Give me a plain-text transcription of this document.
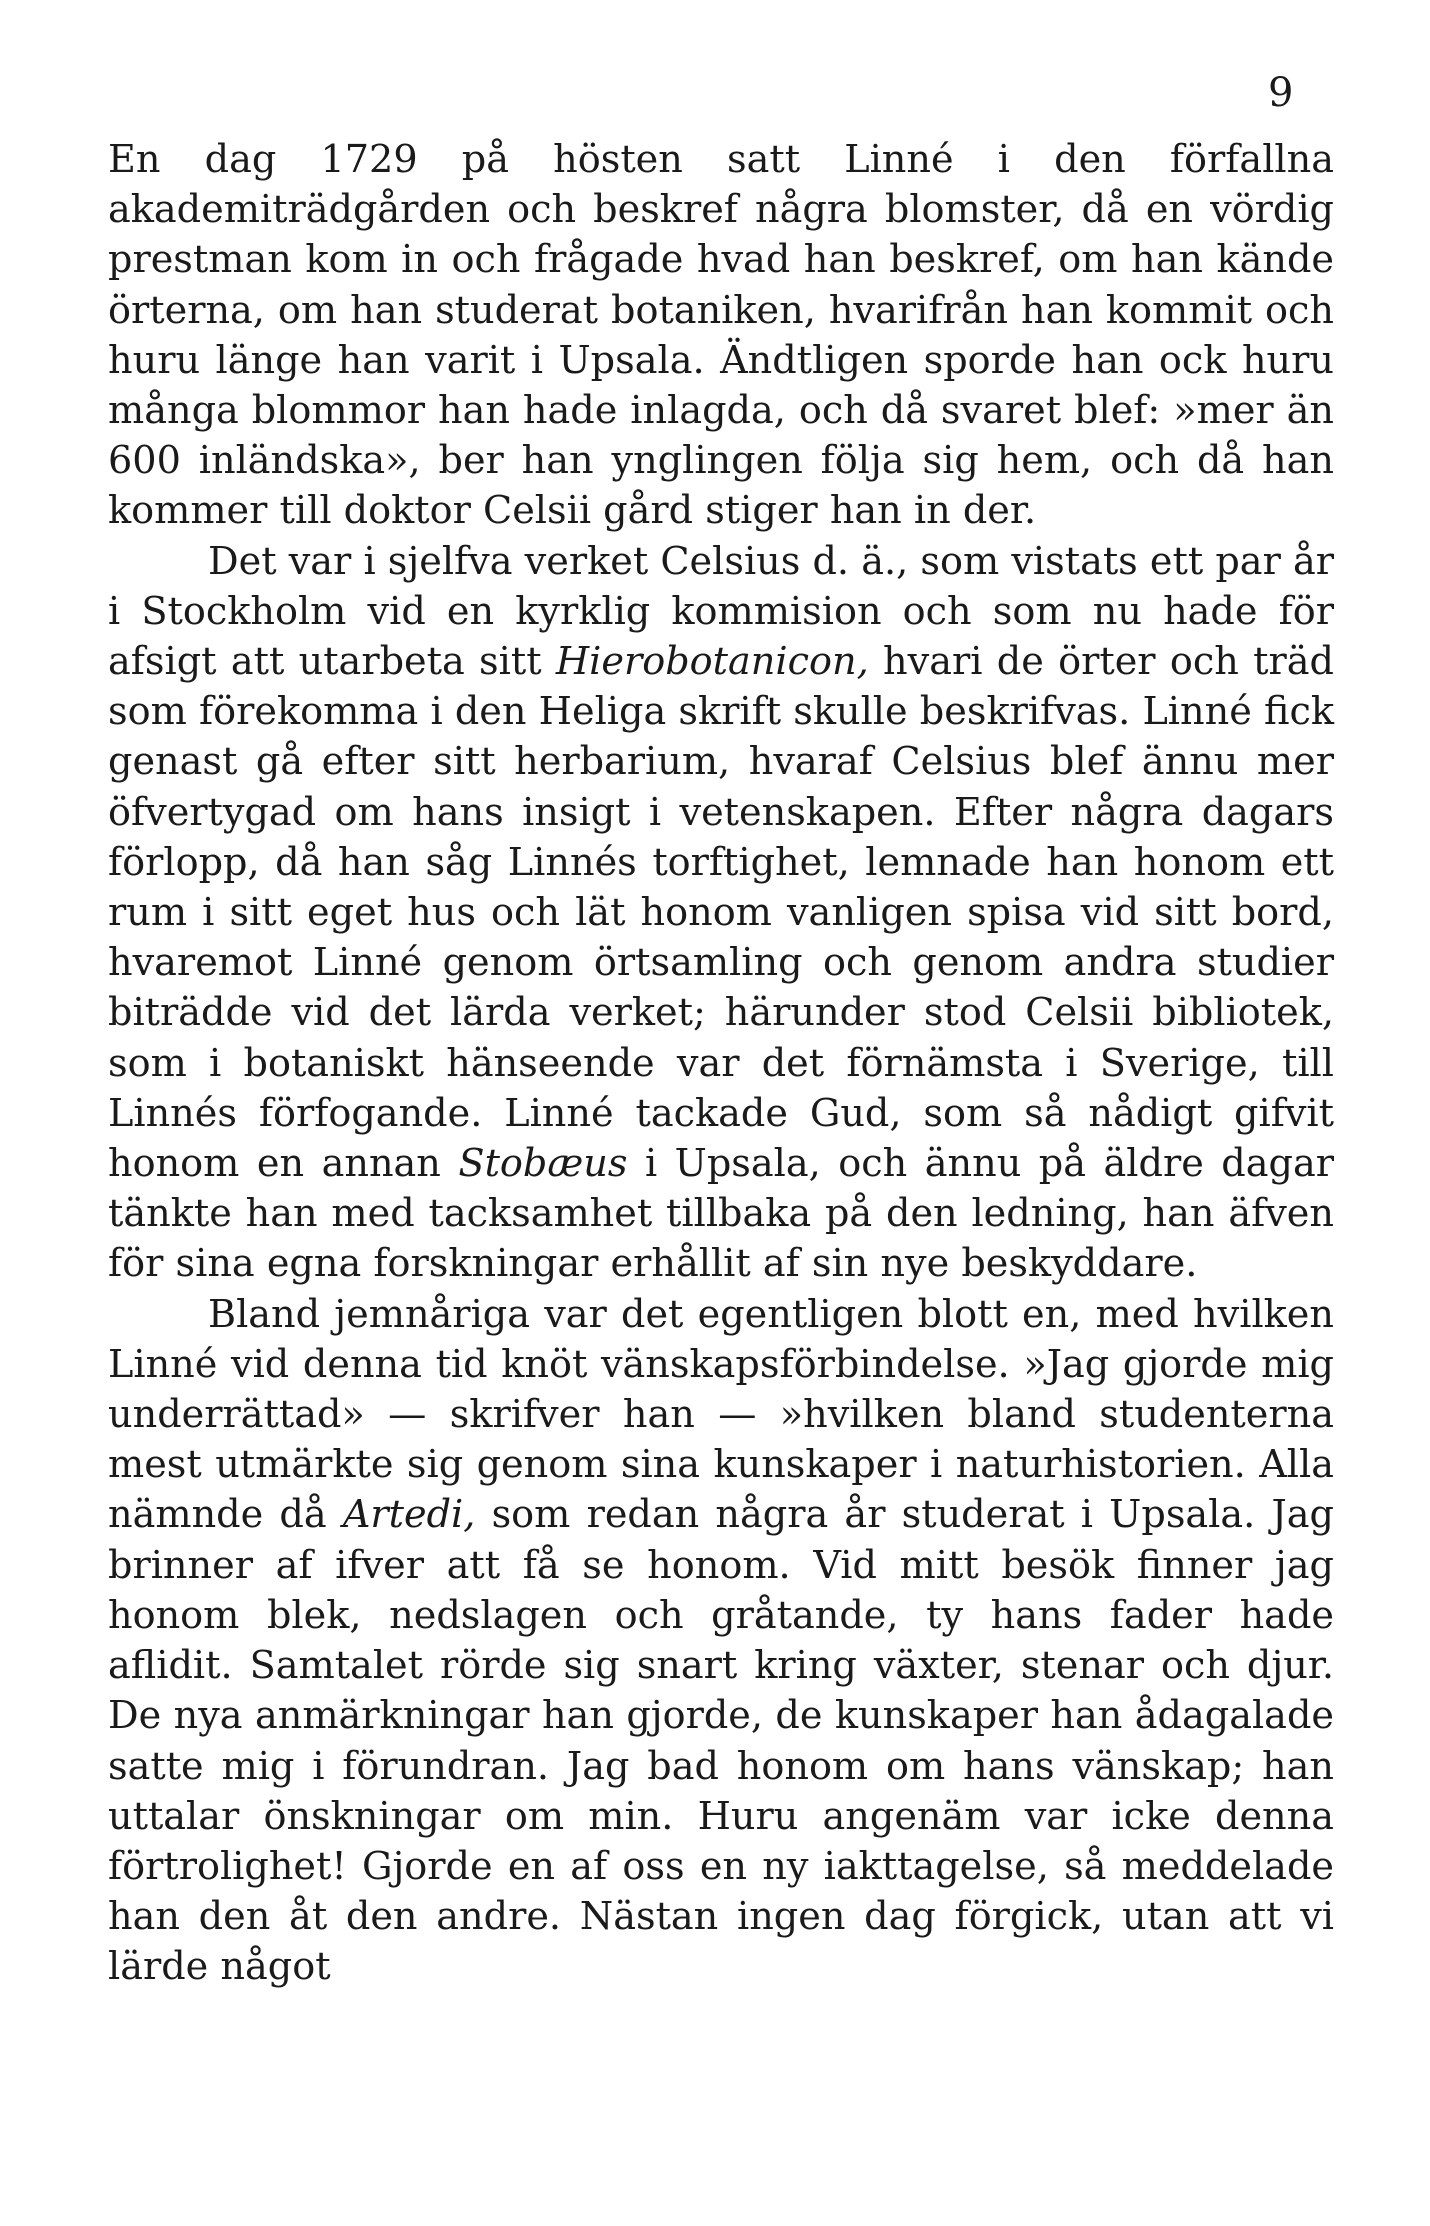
9

En dag 1729 på hösten satt Linné i den förfallna akademiträdgården och beskref några blomster, då en vördig prestman kom in och frågade hvad han beskref, om han kände örterna, om han studerat botaniken, hvarifrån han kommit och huru länge han varit i Upsala. Ändtligen sporde han ock huru många blommor han hade inlagda, och då svaret blef: »mer än 600 inländska», ber han ynglingen följa sig hem, och då han kommer till doktor Celsii gård stiger han in der.

Det var i sjelfva verket Celsius d. ä., som vistats ett par år i Stockholm vid en kyrklig kommision och som nu hade för afsigt att utarbeta sitt Hierobotanicon, hvari de örter och träd som förekomma i den Heliga skrift skulle beskrifvas. Linné fick genast gå efter sitt herbarium, hvaraf Celsius blef ännu mer öfvertygad om hans insigt i vetenskapen. Efter några dagars förlopp, då han såg Linnés torftighet, lemnade han honom ett rum i sitt eget hus och lät honom vanligen spisa vid sitt bord, hvaremot Linné genom örtsamling och genom andra studier biträdde vid det lärda verket; härunder stod Celsii bibliotek, som i botaniskt hänseende var det förnämsta i Sverige, till Linnés förfogande. Linné tackade Gud, som så nådigt gifvit honom en annan Stobæus i Upsala, och ännu på äldre dagar tänkte han med tacksamhet tillbaka på den ledning, han äfven för sina egna forskningar erhållit af sin nye beskyddare.

Bland jemnåriga var det egentligen blott en, med hvilken Linné vid denna tid knöt vänskapsförbindelse. »Jag gjorde mig underrättad» — skrifver han — »hvilken bland studenterna mest utmärkte sig genom sina kunskaper i naturhistorien. Alla nämnde då Artedi, som redan några år studerat i Upsala. Jag brinner af ifver att få se honom. Vid mitt besök finner jag honom blek, nedslagen och gråtande, ty hans fader hade aflidit. Samtalet rörde sig snart kring växter, stenar och djur. De nya anmärkningar han gjorde, de kunskaper han ådagalade satte mig i förundran. Jag bad honom om hans vänskap; han uttalar önskningar om min. Huru angenäm var icke denna förtrolighet! Gjorde en af oss en ny iakttagelse, så meddelade han den åt den andre. Nästan ingen dag förgick, utan att vi lärde något
